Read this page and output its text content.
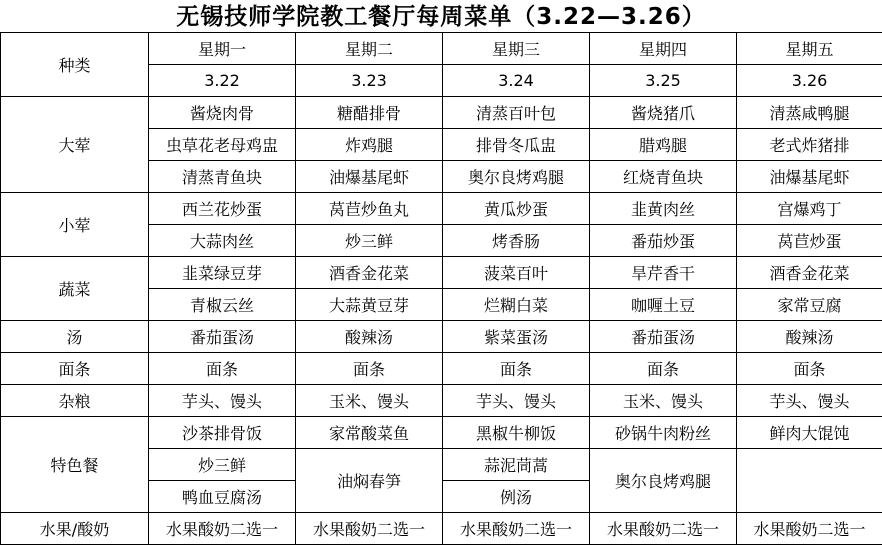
无锡技师学院教工餐厅每周菜单（3.22—3.26）
种类	星期一	星期二	星期三	星期四	星期五
	3.22	3.23	3.24	3.25	3.26
大荤	酱烧肉骨	糖醋排骨	清蒸百叶包	酱烧猪爪	清蒸咸鸭腿
	虫草花老母鸡盅	炸鸡腿	排骨冬瓜盅	腊鸡腿	老式炸猪排
	清蒸青鱼块	油爆基尾虾	奥尔良烤鸡腿	红烧青鱼块	油爆基尾虾
小荤	西兰花炒蛋	莴苣炒鱼丸	黄瓜炒蛋	韭黄肉丝	宫爆鸡丁
	大蒜肉丝	炒三鲜	烤香肠	番茄炒蛋	莴苣炒蛋
蔬菜	韭菜绿豆芽	酒香金花菜	菠菜百叶	旱芹香干	酒香金花菜
	青椒云丝	大蒜黄豆芽	烂糊白菜	咖喱土豆	家常豆腐
汤	番茄蛋汤	酸辣汤	紫菜蛋汤	番茄蛋汤	酸辣汤
面条	面条	面条	面条	面条	面条
杂粮	芋头、馒头	玉米、馒头	芋头、馒头	玉米、馒头	芋头、馒头
特色餐	沙茶排骨饭	家常酸菜鱼	黑椒牛柳饭	砂锅牛肉粉丝	鲜肉大馄饨
	炒三鲜	油焖春笋	蒜泥茼蒿	奥尔良烤鸡腿	
	鸭血豆腐汤		例汤		
水果/酸奶	水果酸奶二选一	水果酸奶二选一	水果酸奶二选一	水果酸奶二选一	水果酸奶二选一
